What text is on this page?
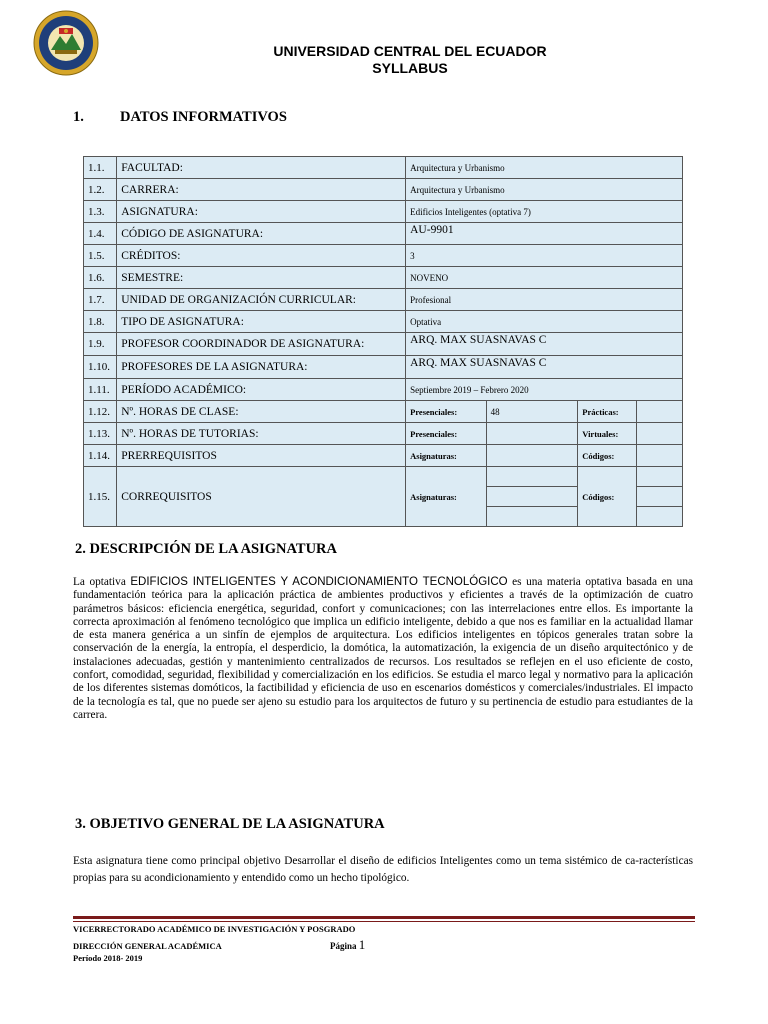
UNIVERSIDAD CENTRAL DEL ECUADOR
SYLLABUS
1. DATOS INFORMATIVOS
1.1.	FACULTAD:	Arquitectura y Urbanismo			
1.2.	CARRERA:	Arquitectura y Urbanismo			
1.3.	ASIGNATURA:	Edificios Inteligentes (optativa 7)			
1.4.	CÓDIGO DE ASIGNATURA:	AU-9901			
1.5.	CRÉDITOS:	3			
1.6.	SEMESTRE:	NOVENO			
1.7.	UNIDAD DE ORGANIZACIÓN CURRICULAR:	Profesional			
1.8.	TIPO DE ASIGNATURA:	Optativa			
1.9.	PROFESOR COORDINADOR DE ASIGNATURA:	ARQ. MAX SUASNAVAS C			
1.10.	PROFESORES DE LA ASIGNATURA:	ARQ. MAX SUASNAVAS C			
1.11.	PERÍODO ACADÉMICO:	Septiembre 2019 – Febrero 2020			
1.12.	Nº. HORAS DE CLASE:	Presenciales:	48	Prácticas:	
1.13.	Nº. HORAS DE TUTORIAS:	Presenciales:		Virtuales:	
1.14.	PRERREQUISITOS	Asignaturas:		Códigos:	
1.15.	CORREQUISITOS	Asignaturas:		Códigos:	

2. DESCRIPCIÓN DE LA ASIGNATURA

La optativa EDIFICIOS INTELIGENTES Y ACONDICIONAMIENTO TECNOLÓGICO es una materia optativa basada en una fundamentación teórica para la aplicación práctica de ambientes productivos y eficientes a través de la optimización de cuatro parámetros básicos: eficiencia energética, seguridad, confort y comunicaciones; con las interrelaciones entre ellos. Es importante la correcta aproximación al fenómeno tecnológico que implica un edificio inteligente, debido a que nos es familiar en la actualidad llamar de esta manera genérica a un sinfín de ejemplos de arquitectura. Los edificios inteligentes en tópicos generales tratan sobre la conservación de la energía, la entropía, el desperdicio, la domótica, la automatización, la exigencia de un diseño arquitectónico y de instalaciones adecuadas, gestión y mantenimiento centralizados de recursos. Los resultados se reflejen en el uso eficiente de costo, confort, comodidad, seguridad, flexibilidad y comercialización en los edificios. Se estudia el marco legal y normativo para la aplicación de los diferentes sistemas domóticos, la factibilidad y eficiencia de uso en escenarios domésticos y comerciales/industriales. El impacto de la tecnología es tal, que no puede ser ajeno su estudio para los arquitectos de futuro y su pertinencia de estudio para estudiantes de la carrera.

3. OBJETIVO GENERAL DE LA ASIGNATURA

Esta asignatura tiene como principal objetivo Desarrollar el diseño de edificios Inteligentes como un tema sistémico de ca-racterísticas propias para su acondicionamiento y entendido como un hecho tipológico.

VICERRECTORADO ACADÉMICO DE INVESTIGACIÓN Y POSGRADO
DIRECCIÓN GENERAL ACADÉMICA
Período 2018- 2019
Página 1
